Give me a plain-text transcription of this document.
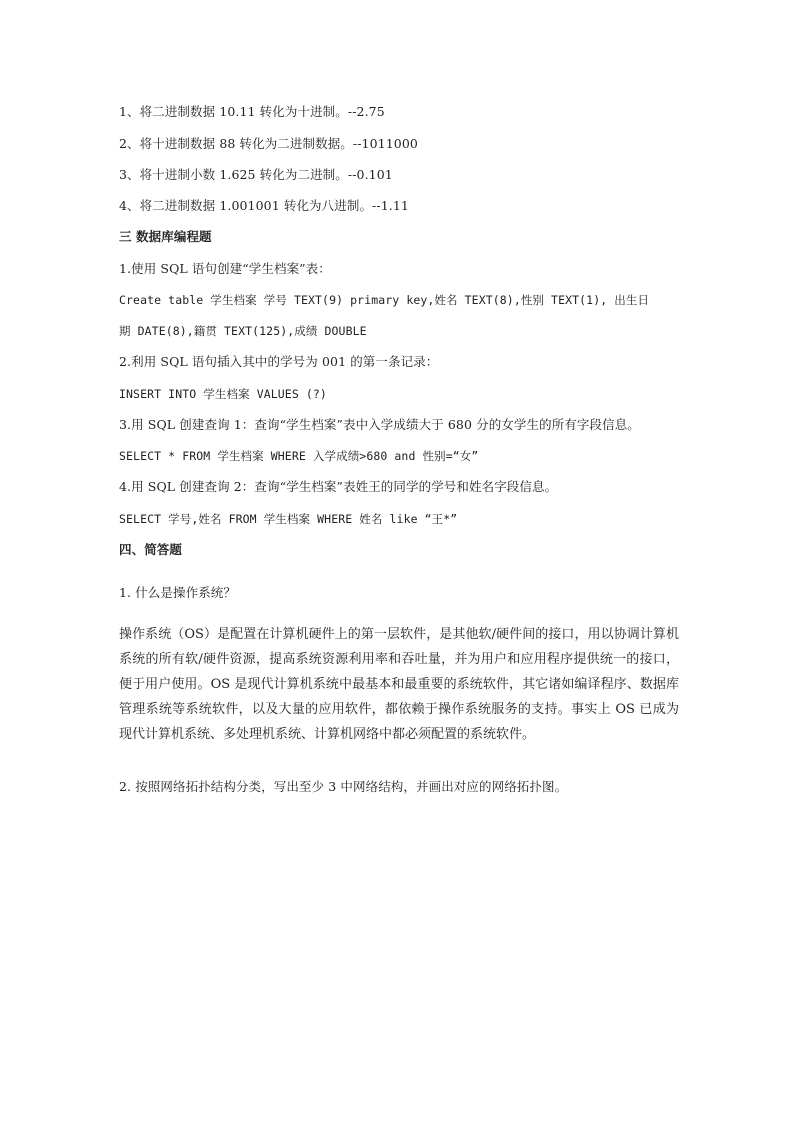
1、将二进制数据 10.11 转化为十进制。--2.75
2、将十进制数据 88 转化为二进制数据。--1011000
3、将十进制小数 1.625 转化为二进制。--0.101
4、将二进制数据 1.001001 转化为八进制。--1.11
三 数据库编程题
1.使用 SQL 语句创建“学生档案”表：
Create table 学生档案 学号 TEXT(9) primary key,姓名 TEXT(8),性别 TEXT(1), 出生日
期 DATE(8),籍贯 TEXT(125),成绩 DOUBLE
2.利用 SQL 语句插入其中的学号为 001 的第一条记录：
INSERT INTO 学生档案 VALUES (?)
3.用 SQL 创建查询 1：查询“学生档案”表中入学成绩大于 680 分的女学生的所有字段信息。
SELECT * FROM 学生档案 WHERE 入学成绩>680 and 性别=“女”
4.用 SQL 创建查询 2：查询“学生档案”表姓王的同学的学号和姓名字段信息。
SELECT 学号,姓名 FROM 学生档案 WHERE 姓名 like “王*”
四、简答题
1. 什么是操作系统？
操作系统（OS）是配置在计算机硬件上的第一层软件，是其他软/硬件间的接口，用以协调计算机系统的所有软/硬件资源，提高系统资源利用率和吞吐量，并为用户和应用程序提供统一的接口，便于用户使用。OS 是现代计算机系统中最基本和最重要的系统软件，其它诸如编译程序、数据库管理系统等系统软件，以及大量的应用软件，都依赖于操作系统服务的支持。事实上 OS 已成为现代计算机系统、多处理机系统、计算机网络中都必须配置的系统软件。
2. 按照网络拓扑结构分类，写出至少 3 中网络结构，并画出对应的网络拓扑图。
